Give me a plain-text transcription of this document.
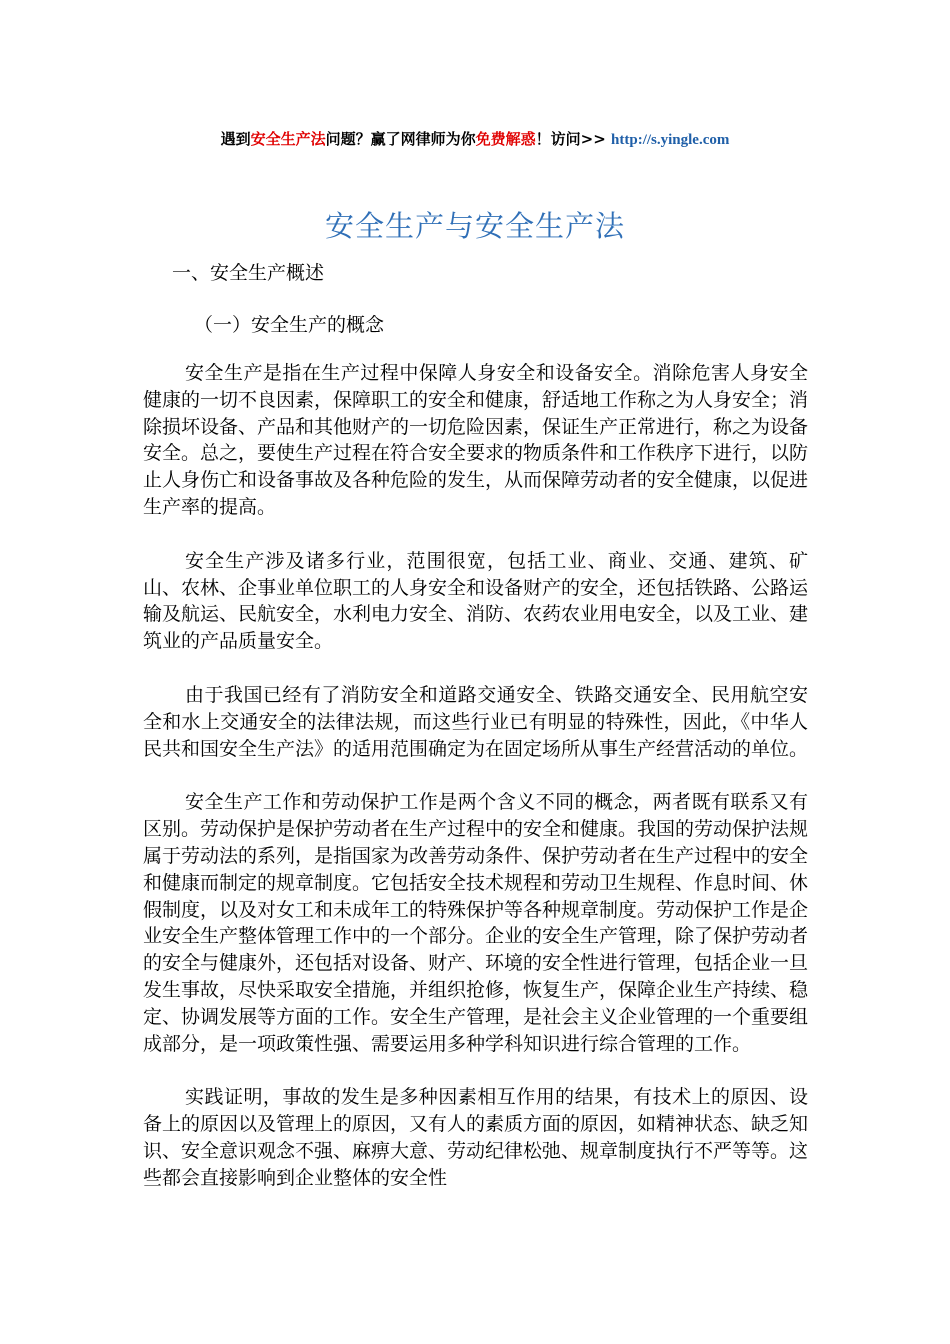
遇到安全生产法问题？赢了网律师为你免费解惑！访问>> http://s.yingle.com
安全生产与安全生产法
一、安全生产概述
（一）安全生产的概念

安全生产是指在生产过程中保障人身安全和设备安全。消除危害人身安全健康的一切不良因素，保障职工的安全和健康，舒适地工作称之为人身安全；消除损坏设备、产品和其他财产的一切危险因素，保证生产正常进行，称之为设备安全。总之，要使生产过程在符合安全要求的物质条件和工作秩序下进行，以防止人身伤亡和设备事故及各种危险的发生，从而保障劳动者的安全健康，以促进生产率的提高。

安全生产涉及诸多行业，范围很宽，包括工业、商业、交通、建筑、矿山、农林、企事业单位职工的人身安全和设备财产的安全，还包括铁路、公路运输及航运、民航安全，水利电力安全、消防、农药农业用电安全，以及工业、建筑业的产品质量安全。

由于我国已经有了消防安全和道路交通安全、铁路交通安全、民用航空安全和水上交通安全的法律法规，而这些行业已有明显的特殊性，因此，《中华人民共和国安全生产法》的适用范围确定为在固定场所从事生产经营活动的单位。

安全生产工作和劳动保护工作是两个含义不同的概念，两者既有联系又有区别。劳动保护是保护劳动者在生产过程中的安全和健康。我国的劳动保护法规属于劳动法的系列，是指国家为改善劳动条件、保护劳动者在生产过程中的安全和健康而制定的规章制度。它包括安全技术规程和劳动卫生规程、作息时间、休假制度，以及对女工和未成年工的特殊保护等各种规章制度。劳动保护工作是企业安全生产整体管理工作中的一个部分。企业的安全生产管理，除了保护劳动者的安全与健康外，还包括对设备、财产、环境的安全性进行管理，包括企业一旦发生事故，尽快采取安全措施，并组织抢修，恢复生产，保障企业生产持续、稳定、协调发展等方面的工作。安全生产管理，是社会主义企业管理的一个重要组成部分，是一项政策性强、需要运用多种学科知识进行综合管理的工作。

实践证明，事故的发生是多种因素相互作用的结果，有技术上的原因、设备上的原因以及管理上的原因，又有人的素质方面的原因，如精神状态、缺乏知识、安全意识观念不强、麻痹大意、劳动纪律松弛、规章制度执行不严等等。这些都会直接影响到企业整体的安全性
